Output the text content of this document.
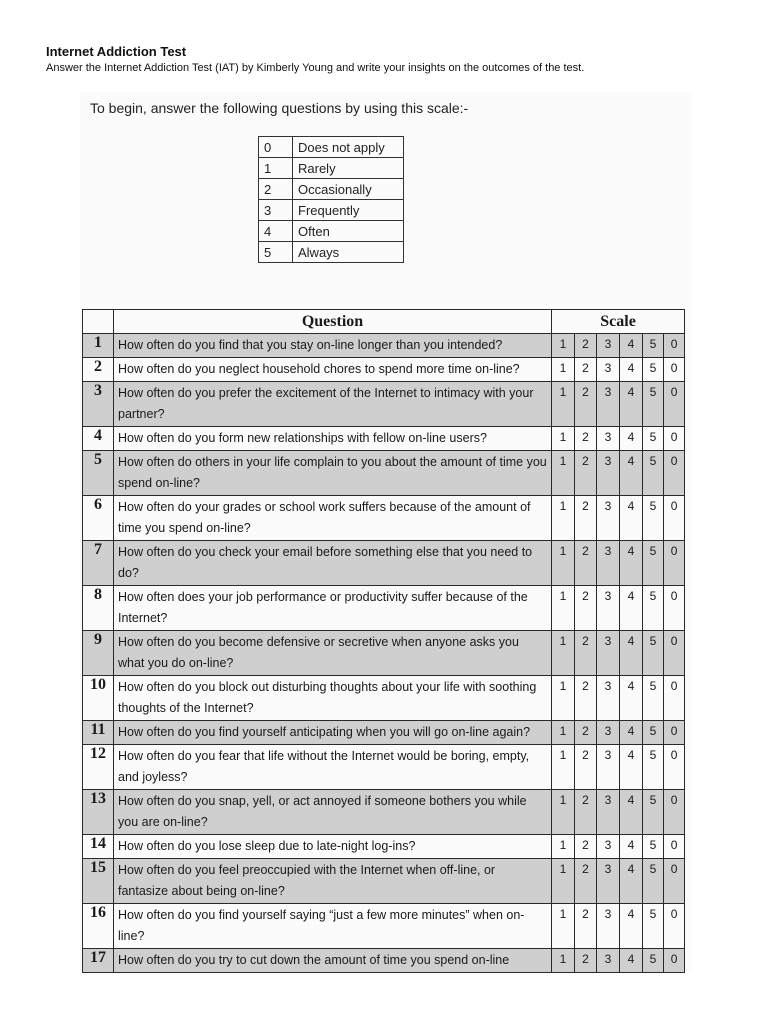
Internet Addiction Test
Answer the Internet Addiction Test (IAT) by Kimberly Young and write your insights on the outcomes of the test.
To begin, answer the following questions by using this scale:-
0	Does not apply
1	Rarely
2	Occasionally
3	Frequently
4	Often
5	Always
	Question	Scale					
1	How often do you find that you stay on-line longer than you intended?	1	2	3	4	5	0
2	How often do you neglect household chores to spend more time on-line?	1	2	3	4	5	0
3	How often do you prefer the excitement of the Internet to intimacy with your partner?	1	2	3	4	5	0
4	How often do you form new relationships with fellow on-line users?	1	2	3	4	5	0
5	How often do others in your life complain to you about the amount of time you spend on-line?	1	2	3	4	5	0
6	How often do your grades or school work suffers because of the amount of time you spend on-line?	1	2	3	4	5	0
7	How often do you check your email before something else that you need to do?	1	2	3	4	5	0
8	How often does your job performance or productivity suffer because of the Internet?	1	2	3	4	5	0
9	How often do you become defensive or secretive when anyone asks you what you do on-line?	1	2	3	4	5	0
10	How often do you block out disturbing thoughts about your life with soothing thoughts of the Internet?	1	2	3	4	5	0
11	How often do you find yourself anticipating when you will go on-line again?	1	2	3	4	5	0
12	How often do you fear that life without the Internet would be boring, empty, and joyless?	1	2	3	4	5	0
13	How often do you snap, yell, or act annoyed if someone bothers you while you are on-line?	1	2	3	4	5	0
14	How often do you lose sleep due to late-night log-ins?	1	2	3	4	5	0
15	How often do you feel preoccupied with the Internet when off-line, or fantasize about being on-line?	1	2	3	4	5	0
16	How often do you find yourself saying “just a few more minutes” when on-line?	1	2	3	4	5	0
17	How often do you try to cut down the amount of time you spend on-line	1	2	3	4	5	0
